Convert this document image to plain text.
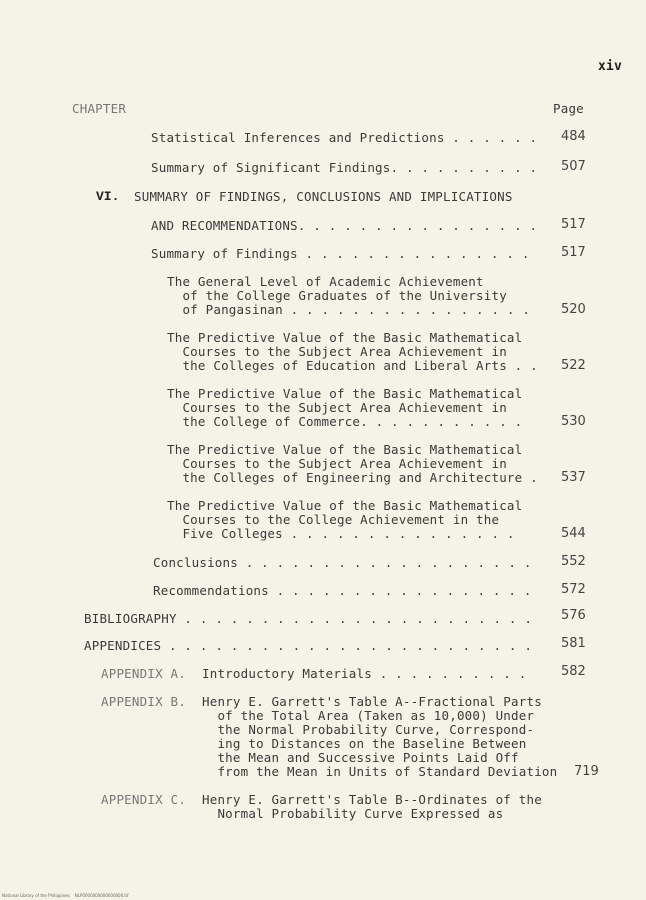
xiv
CHAPTER	Page
Statistical Inferences and Predictions . . . . . . 484
Summary of Significant Findings. . . . . . . . . . 507
VI. SUMMARY OF FINDINGS, CONCLUSIONS AND IMPLICATIONS
AND RECOMMENDATIONS. . . . . . . . . . . . . . . . 517
Summary of Findings . . . . . . . . . . . . . . . 517
The General Level of Academic Achievement
of the College Graduates of the University
of Pangasinan . . . . . . . . . . . . . . . . 520
The Predictive Value of the Basic Mathematical
Courses to the Subject Area Achievement in
the Colleges of Education and Liberal Arts . . 522
The Predictive Value of the Basic Mathematical
Courses to the Subject Area Achievement in
the College of Commerce. . . . . . . . . . .	530
The Predictive Value of the Basic Mathematical
Courses to the Subject Area Achievement in
the Colleges of Engineering and Architecture . 537
The Predictive Value of the Basic Mathematical
Courses to the College Achievement in the
Five Colleges . . . . . . . . . . . . . . .	544
Conclusions . . . . . . . . . . . . . . . . . . . 552
Recommendations . . . . . . . . . . . . . . . . . 572
BIBLIOGRAPHY . . . . . . . . . . . . . . . . . . . . . . . 576
APPENDICES . . . . . . . . . . . . . . . . . . . . . . . . 581
APPENDIX A. Introductory Materials . . . . . . . . . .	582
APPENDIX B. Henry E. Garrett's Table A--Fractional Parts
of the Total Area (Taken as 10,000) Under
the Normal Probability Curve, Correspond-
ing to Distances on the Baseline Between
the Mean and Successive Points Laid Off
from the Mean in Units of Standard Deviation 719
APPENDIX C. Henry E. Garrett's Table B--Ordinates of the
Normal Probability Curve Expressed as
National Library of the Philippines    NLP0000000000000000.tif
